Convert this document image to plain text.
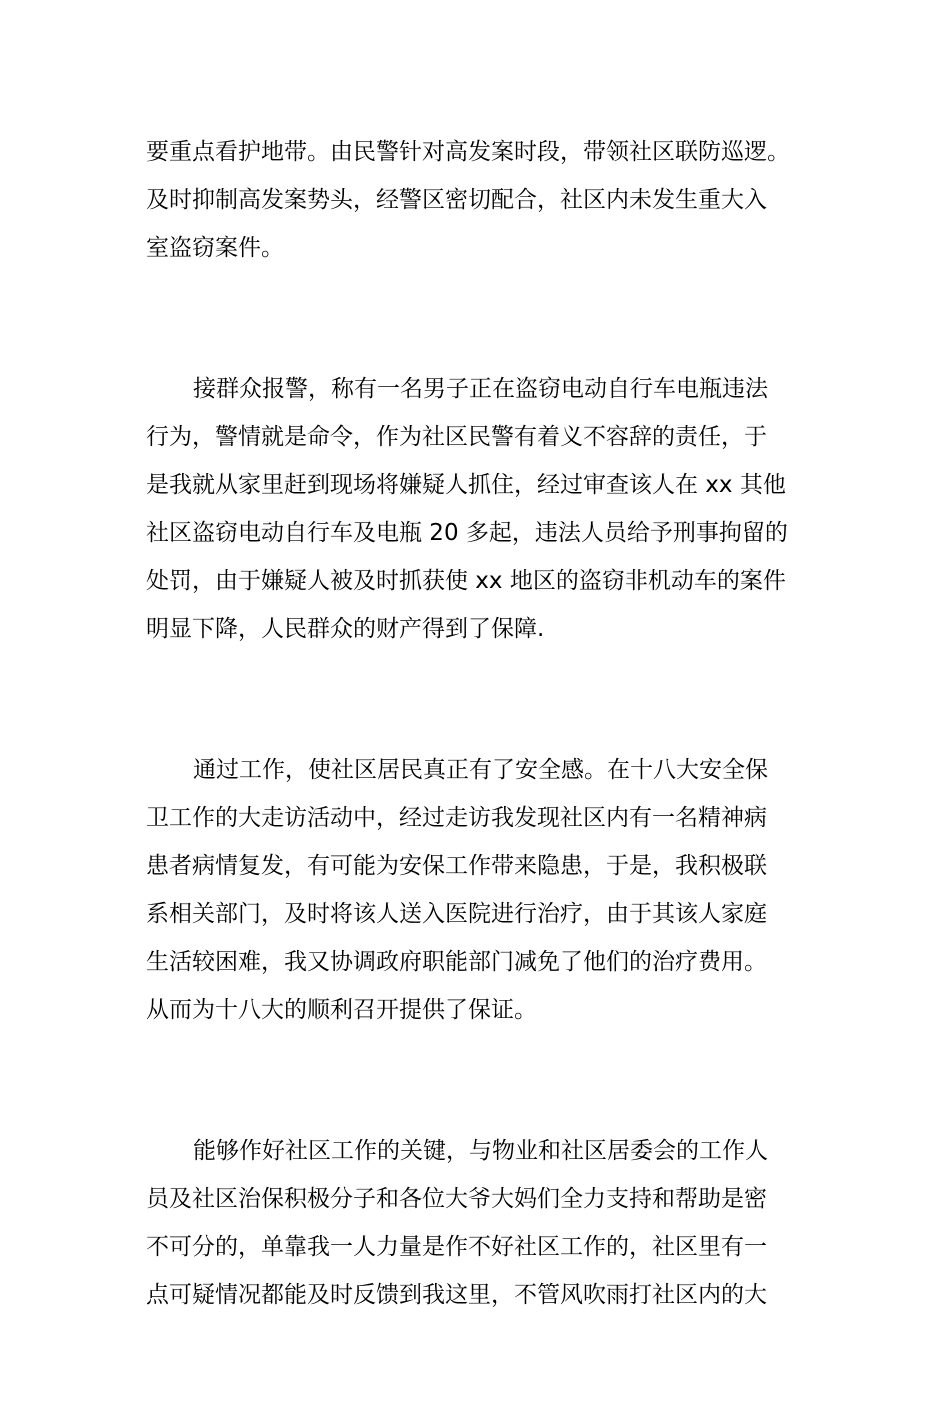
要重点看护地带。由民警针对高发案时段，带领社区联防巡逻。
及时抑制高发案势头，经警区密切配合，社区内未发生重大入
室盗窃案件。
接群众报警，称有一名男子正在盗窃电动自行车电瓶违法
行为，警情就是命令，作为社区民警有着义不容辞的责任，于
是我就从家里赶到现场将嫌疑人抓住，经过审查该人在 xx 其他
社区盗窃电动自行车及电瓶 20 多起，违法人员给予刑事拘留的
处罚，由于嫌疑人被及时抓获使 xx 地区的盗窃非机动车的案件
明显下降，人民群众的财产得到了保障.
通过工作，使社区居民真正有了安全感。在十八大安全保
卫工作的大走访活动中，经过走访我发现社区内有一名精神病
患者病情复发，有可能为安保工作带来隐患，于是，我积极联
系相关部门，及时将该人送入医院进行治疗，由于其该人家庭
生活较困难，我又协调政府职能部门减免了他们的治疗费用。
从而为十八大的顺利召开提供了保证。
能够作好社区工作的关键，与物业和社区居委会的工作人
员及社区治保积极分子和各位大爷大妈们全力支持和帮助是密
不可分的，单靠我一人力量是作不好社区工作的，社区里有一
点可疑情况都能及时反馈到我这里，不管风吹雨打社区内的大
